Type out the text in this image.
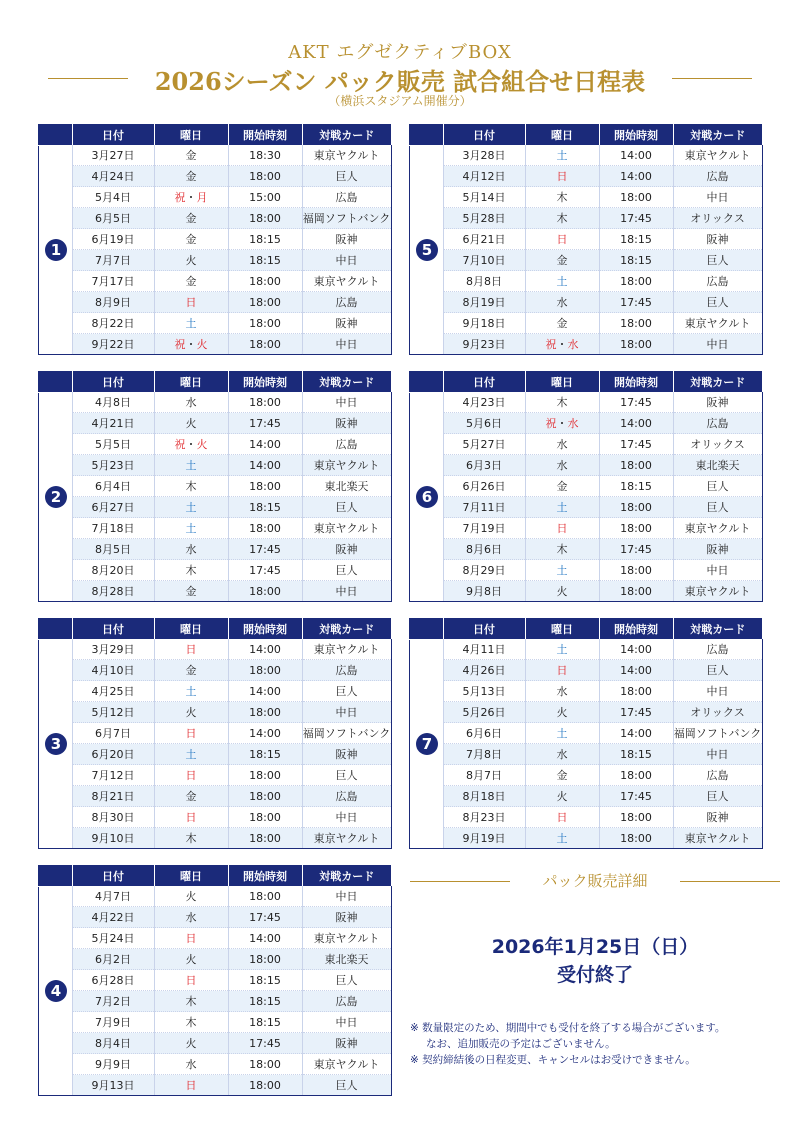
AKT エグゼクティブBOX
2026シーズン パック販売 試合組合せ日程表
（横浜スタジアム開催分）
	日付	曜日	開始時刻	対戦カード
	3月27日	金	18:30	東京ヤクルト
	4月24日	金	18:00	巨人
	5月4日	祝・月	15:00	広島
	6月5日	金	18:00	福岡ソフトバンク
	6月19日	金	18:15	阪神
	7月7日	火	18:15	中日
	7月17日	金	18:00	東京ヤクルト
	8月9日	日	18:00	広島
	8月22日	土	18:00	阪神
	9月22日	祝・火	18:00	中日
1
	日付	曜日	開始時刻	対戦カード
	4月8日	水	18:00	中日
	4月21日	火	17:45	阪神
	5月5日	祝・火	14:00	広島
	5月23日	土	14:00	東京ヤクルト
	6月4日	木	18:00	東北楽天
	6月27日	土	18:15	巨人
	7月18日	土	18:00	東京ヤクルト
	8月5日	水	17:45	阪神
	8月20日	木	17:45	巨人
	8月28日	金	18:00	中日
2
	日付	曜日	開始時刻	対戦カード
	3月29日	日	14:00	東京ヤクルト
	4月10日	金	18:00	広島
	4月25日	土	14:00	巨人
	5月12日	火	18:00	中日
	6月7日	日	14:00	福岡ソフトバンク
	6月20日	土	18:15	阪神
	7月12日	日	18:00	巨人
	8月21日	金	18:00	広島
	8月30日	日	18:00	中日
	9月10日	木	18:00	東京ヤクルト
3
	日付	曜日	開始時刻	対戦カード
	4月7日	火	18:00	中日
	4月22日	水	17:45	阪神
	5月24日	日	14:00	東京ヤクルト
	6月2日	火	18:00	東北楽天
	6月28日	日	18:15	巨人
	7月2日	木	18:15	広島
	7月9日	木	18:15	中日
	8月4日	火	17:45	阪神
	9月9日	水	18:00	東京ヤクルト
	9月13日	日	18:00	巨人
4
	日付	曜日	開始時刻	対戦カード
	3月28日	土	14:00	東京ヤクルト
	4月12日	日	14:00	広島
	5月14日	木	18:00	中日
	5月28日	木	17:45	オリックス
	6月21日	日	18:15	阪神
	7月10日	金	18:15	巨人
	8月8日	土	18:00	広島
	8月19日	水	17:45	巨人
	9月18日	金	18:00	東京ヤクルト
	9月23日	祝・水	18:00	中日
5
	日付	曜日	開始時刻	対戦カード
	4月23日	木	17:45	阪神
	5月6日	祝・水	14:00	広島
	5月27日	水	17:45	オリックス
	6月3日	水	18:00	東北楽天
	6月26日	金	18:15	巨人
	7月11日	土	18:00	巨人
	7月19日	日	18:00	東京ヤクルト
	8月6日	木	17:45	阪神
	8月29日	土	18:00	中日
	9月8日	火	18:00	東京ヤクルト
6
	日付	曜日	開始時刻	対戦カード
	4月11日	土	14:00	広島
	4月26日	日	14:00	巨人
	5月13日	水	18:00	中日
	5月26日	火	17:45	オリックス
	6月6日	土	14:00	福岡ソフトバンク
	7月8日	水	18:15	中日
	8月7日	金	18:00	広島
	8月18日	火	17:45	巨人
	8月23日	日	18:00	阪神
	9月19日	土	18:00	東京ヤクルト
7
パック販売詳細
2026年1月25日（日）
受付終了
※ 数量限定のため、期間中でも受付を終了する場合がございます。
なお、追加販売の予定はございません。
※ 契約締結後の日程変更、キャンセルはお受けできません。
